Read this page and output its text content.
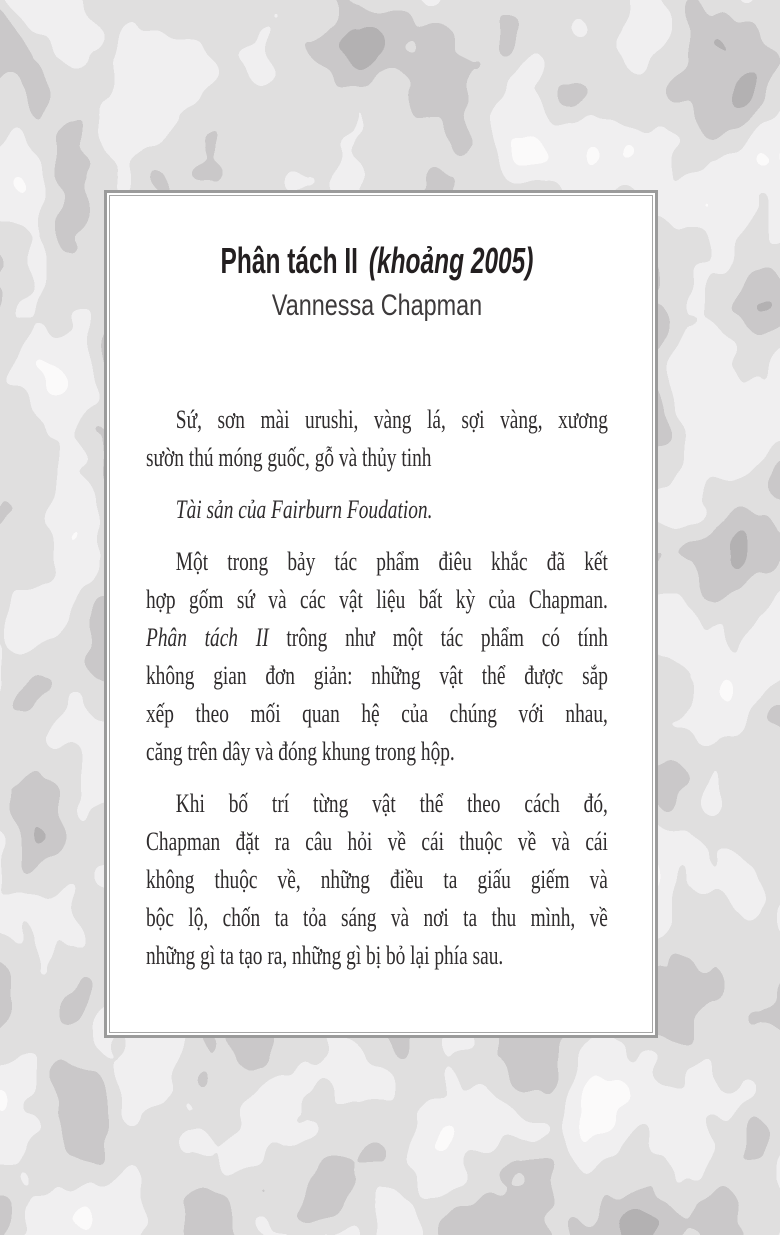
Phân tách II (khoảng 2005)
Vannessa Chapman

Sứ, sơn mài urushi, vàng lá, sợi vàng, xương
sườn thú móng guốc, gỗ và thủy tinh

Tài sản của Fairburn Foudation.

Một trong bảy tác phẩm điêu khắc đã kết
hợp gốm sứ và các vật liệu bất kỳ của Chapman.
Phân tách II trông như một tác phẩm có tính
không gian đơn giản: những vật thể được sắp
xếp theo mối quan hệ của chúng với nhau,
căng trên dây và đóng khung trong hộp.

Khi bố trí từng vật thể theo cách đó,
Chapman đặt ra câu hỏi về cái thuộc về và cái
không thuộc về, những điều ta giấu giếm và
bộc lộ, chốn ta tỏa sáng và nơi ta thu mình, về
những gì ta tạo ra, những gì bị bỏ lại phía sau.
